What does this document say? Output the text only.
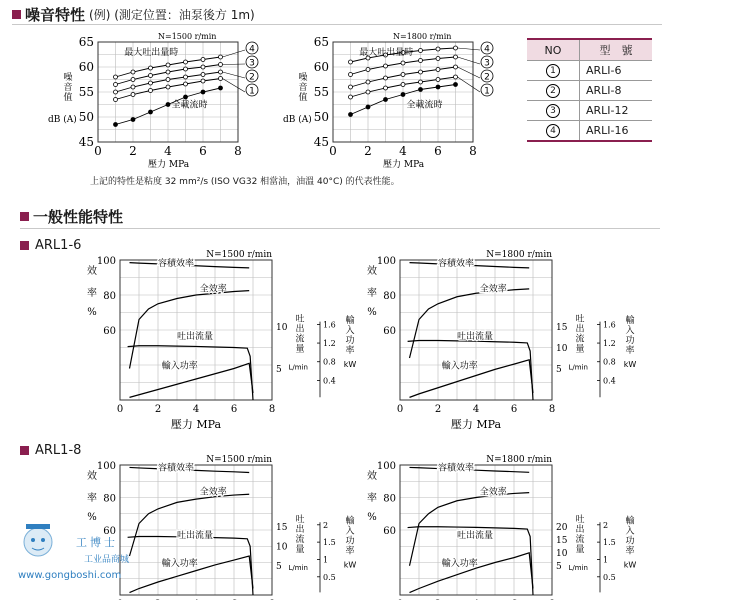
噪音特性 (例) (測定位置：油泵後方 1m)
0 2 4 6 8
45
50
55
60
65	N=1500 r/min
壓力 MPa
噪
音
值
dB (A)
4
3
2
1
最大吐出量時
全載流時
0 2 4 6 8
45
50
55
60
65	N=1800 r/min
壓力 MPa
噪
音
值
dB (A)
4
3
2
1
最大吐出量時
全載流時
NO	型　號
1	ARLI-6
2	ARLI-8
3	ARLI-12
4	ARLI-16
上記的特性是粘度 32 mm²/s (ISO VG32 相當油，油溫 40°C) 的代表性能。
一般性能特性
ARL1-6
0	2	4	6	8
60
80
100
N=1500 r/min
壓力 MPa
效
率
%
10
5
吐
出
流
量
L/min
1.6
1.2
0.8
0.4
輸
入
功
率
kW
容積效率
全效率
吐出流量
輸入功率
0	2	4	6	8
60
80
100
N=1800 r/min
壓力 MPa
效
率
%
15
10
5
吐
出
流
量
L/min
1.6
1.2
0.8
0.4
輸
入
功
率
kW
容積效率
全效率
吐出流量
輸入功率
ARL1-8
60
80
100
N=1500 r/min
效
率
%
15
10
5
吐
出
流
量
L/min
2
1.5
1
0.5
輸
入
功
率
kW
容積效率
全效率
吐出流量
輸入功率
60
80
100
N=1800 r/min
效
率
%
20
15
10
5
吐
出
流
量
L/min
2
1.5
1
0.5
輸
入
功
率
kW
容積效率
全效率
吐出流量
輸入功率
工博士
工业品商城
www.gongboshi.com
